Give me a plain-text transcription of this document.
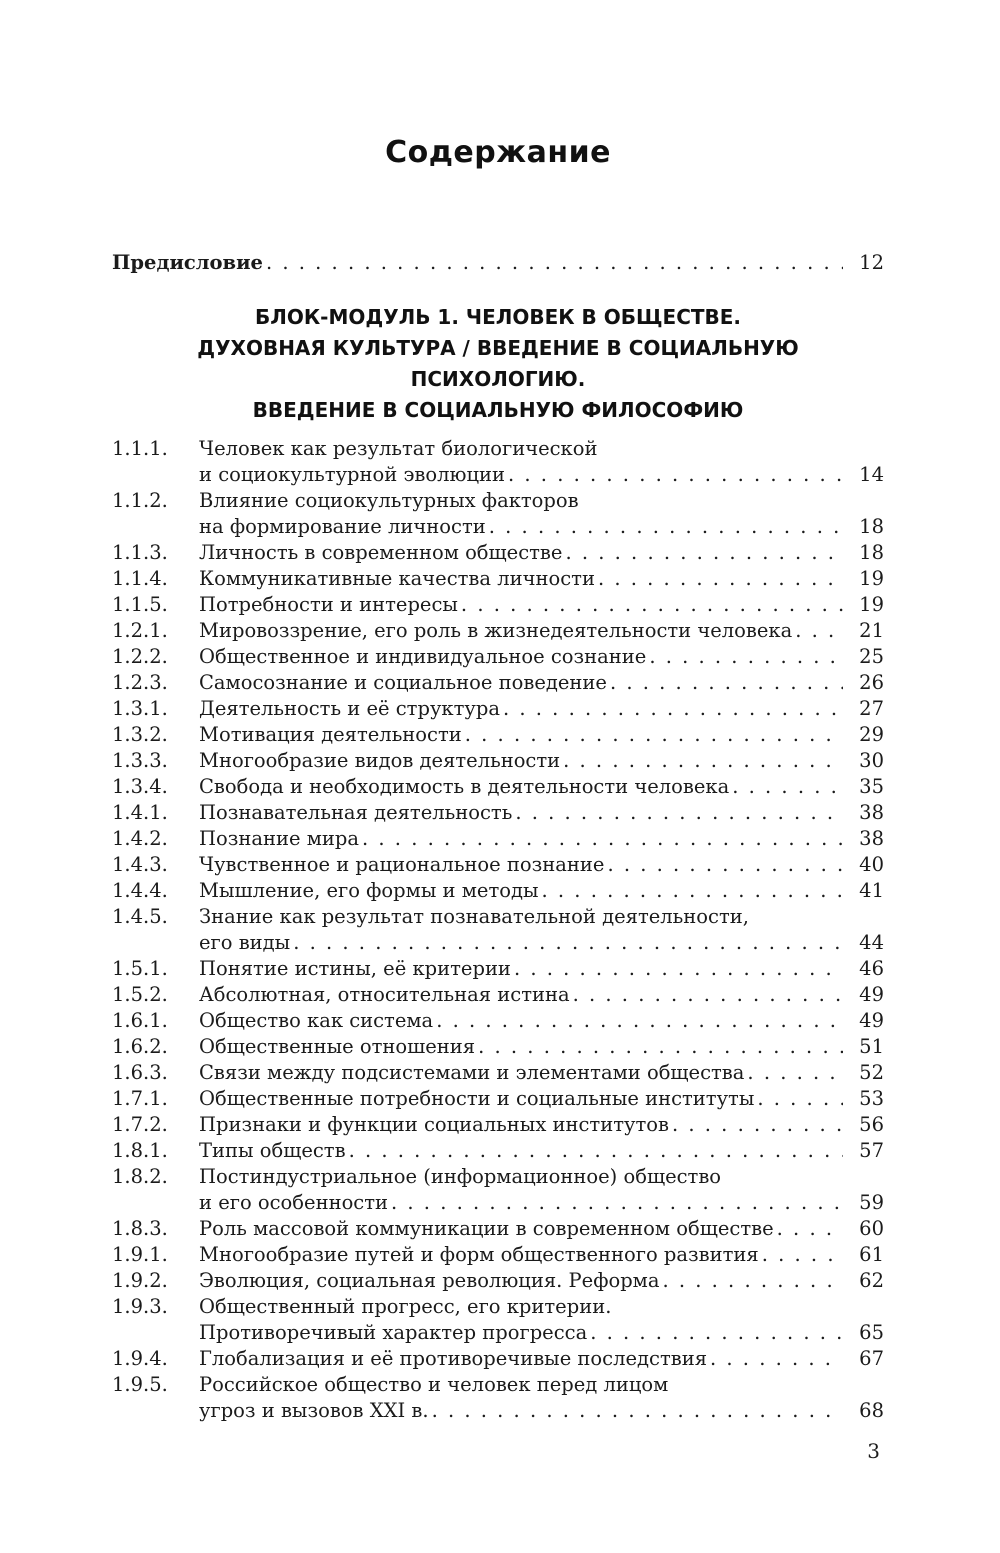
Содержание
Предисловие . . .	12
БЛОК-МОДУЛЬ 1. ЧЕЛОВЕК В ОБЩЕСТВЕ.
ДУХОВНАЯ КУЛЬТУРА / ВВЕДЕНИЕ В СОЦИАЛЬНУЮ ПСИХОЛОГИЮ.
ВВЕДЕНИЕ В СОЦИАЛЬНУЮ ФИЛОСОФИЮ
1.1.1.	Человек как результат биологической
и социокультурной эволюции . . .	14
1.1.2.	Влияние социокультурных факторов
на формирование личности . . .	18
1.1.3.	Личность в современном обществе . . .	18
1.1.4.	Коммуникативные качества личности . . .	19
1.1.5.	Потребности и интересы . . .	19
1.2.1.	Мировоззрение, его роль в жизнедеятельности человека . . .	21
1.2.2.	Общественное и индивидуальное сознание . . .	25
1.2.3.	Самосознание и социальное поведение . . .	26
1.3.1.	Деятельность и её структура . . .	27
1.3.2.	Мотивация деятельности . . .	29
1.3.3.	Многообразие видов деятельности . . .	30
1.3.4.	Свобода и необходимость в деятельности человека . . .	35
1.4.1.	Познавательная деятельность . . .	38
1.4.2.	Познание мира . . .	38
1.4.3.	Чувственное и рациональное познание . . .	40
1.4.4.	Мышление, его формы и методы . . .	41
1.4.5.	Знание как результат познавательной деятельности,
его виды . . .	44
1.5.1.	Понятие истины, её критерии . . .	46
1.5.2.	Абсолютная, относительная истина . . .	49
1.6.1.	Общество как система . . .	49
1.6.2.	Общественные отношения . . .	51
1.6.3.	Связи между подсистемами и элементами общества . . .	52
1.7.1.	Общественные потребности и социальные институты . . .	53
1.7.2.	Признаки и функции социальных институтов . . .	56
1.8.1.	Типы обществ . . .	57
1.8.2.	Постиндустриальное (информационное) общество
и его особенности . . .	59
1.8.3.	Роль массовой коммуникации в современном обществе . . .	60
1.9.1.	Многообразие путей и форм общественного развития . . .	61
1.9.2.	Эволюция, социальная революция. Реформа . . .	62
1.9.3.	Общественный прогресс, его критерии.
Противоречивый характер прогресса . . .	65
1.9.4.	Глобализация и её противоречивые последствия . . .	67
1.9.5.	Российское общество и человек перед лицом
угроз и вызовов XXI в. . . .	68
3
